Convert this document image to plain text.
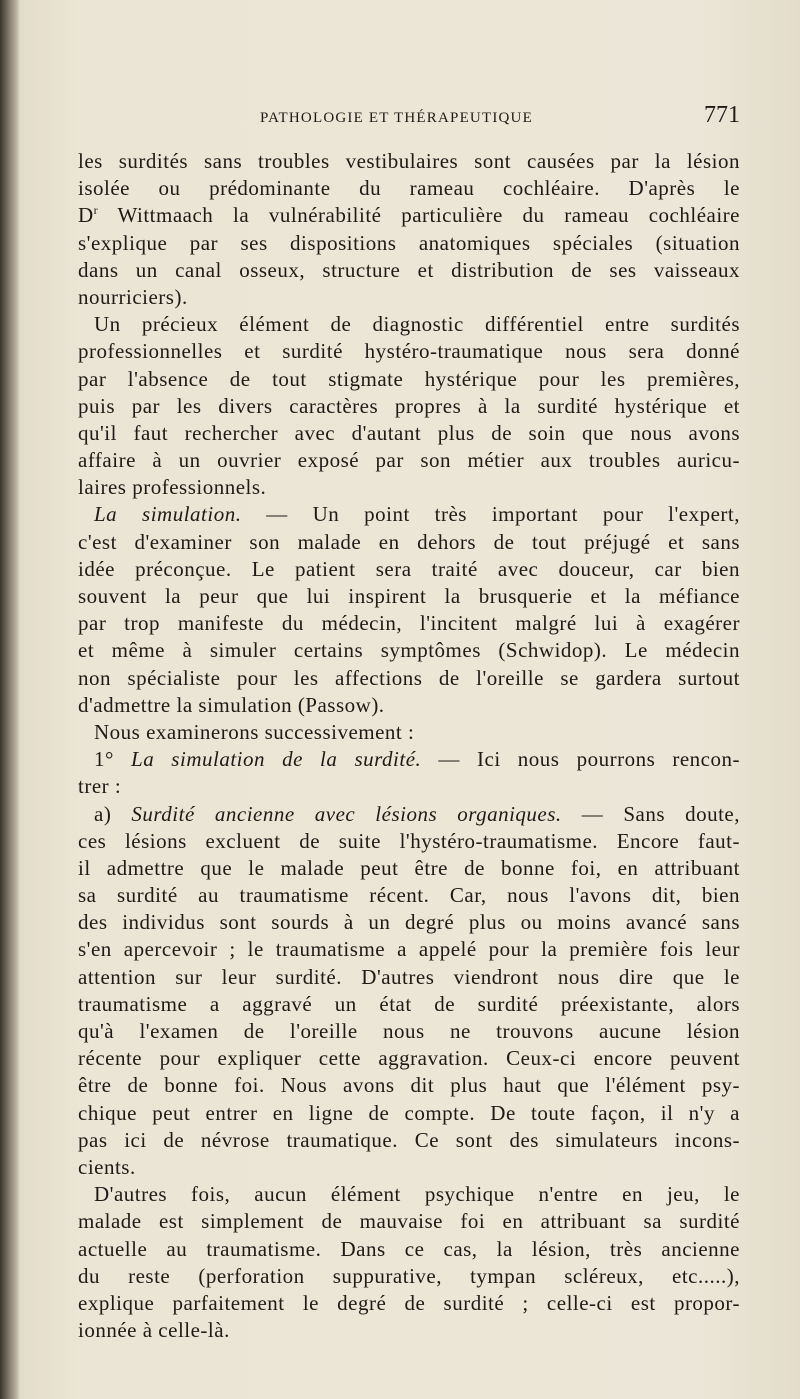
PATHOLOGIE ET THÉRAPEUTIQUE	771
les surdités sans troubles vestibulaires sont causées par la lésion
isolée ou prédominante du rameau cochléaire. D'après le
$D^r$ Wittmaach la vulnérabilité particulière du rameau cochléaire
s'explique par ses dispositions anatomiques spéciales (situation
dans un canal osseux, structure et distribution de ses vaisseaux
nourriciers).
Un précieux élément de diagnostic différentiel entre surdités
professionnelles et surdité hystéro-traumatique nous sera donné
par l'absence de tout stigmate hystérique pour les premières,
puis par les divers caractères propres à la surdité hystérique et
qu'il faut rechercher avec d'autant plus de soin que nous avons
affaire à un ouvrier exposé par son métier aux troubles auricu-
laires professionnels.
La simulation. — Un point très important pour l'expert,
c'est d'examiner son malade en dehors de tout préjugé et sans
idée préconçue. Le patient sera traité avec douceur, car bien
souvent la peur que lui inspirent la brusquerie et la méfiance
par trop manifeste du médecin, l'incitent malgré lui à exagérer
et même à simuler certains symptômes (Schwidop). Le médecin
non spécialiste pour les affections de l'oreille se gardera surtout
d'admettre la simulation (Passow).
Nous examinerons successivement :
1° La simulation de la surdité. — Ici nous pourrons rencon-
trer :
a) Surdité ancienne avec lésions organiques. — Sans doute,
ces lésions excluent de suite l'hystéro-traumatisme. Encore faut-
il admettre que le malade peut être de bonne foi, en attribuant
sa surdité au traumatisme récent. Car, nous l'avons dit, bien
des individus sont sourds à un degré plus ou moins avancé sans
s'en apercevoir ; le traumatisme a appelé pour la première fois leur
attention sur leur surdité. D'autres viendront nous dire que le
traumatisme a aggravé un état de surdité préexistante, alors
qu'à l'examen de l'oreille nous ne trouvons aucune lésion
récente pour expliquer cette aggravation. Ceux-ci encore peuvent
être de bonne foi. Nous avons dit plus haut que l'élément psy-
chique peut entrer en ligne de compte. De toute façon, il n'y a
pas ici de névrose traumatique. Ce sont des simulateurs incons-
cients.
D'autres fois, aucun élément psychique n'entre en jeu, le
malade est simplement de mauvaise foi en attribuant sa surdité
actuelle au traumatisme. Dans ce cas, la lésion, très ancienne
du reste (perforation suppurative, tympan scléreux, etc.....),
explique parfaitement le degré de surdité ; celle-ci est propor-
ionnée à celle-là.
